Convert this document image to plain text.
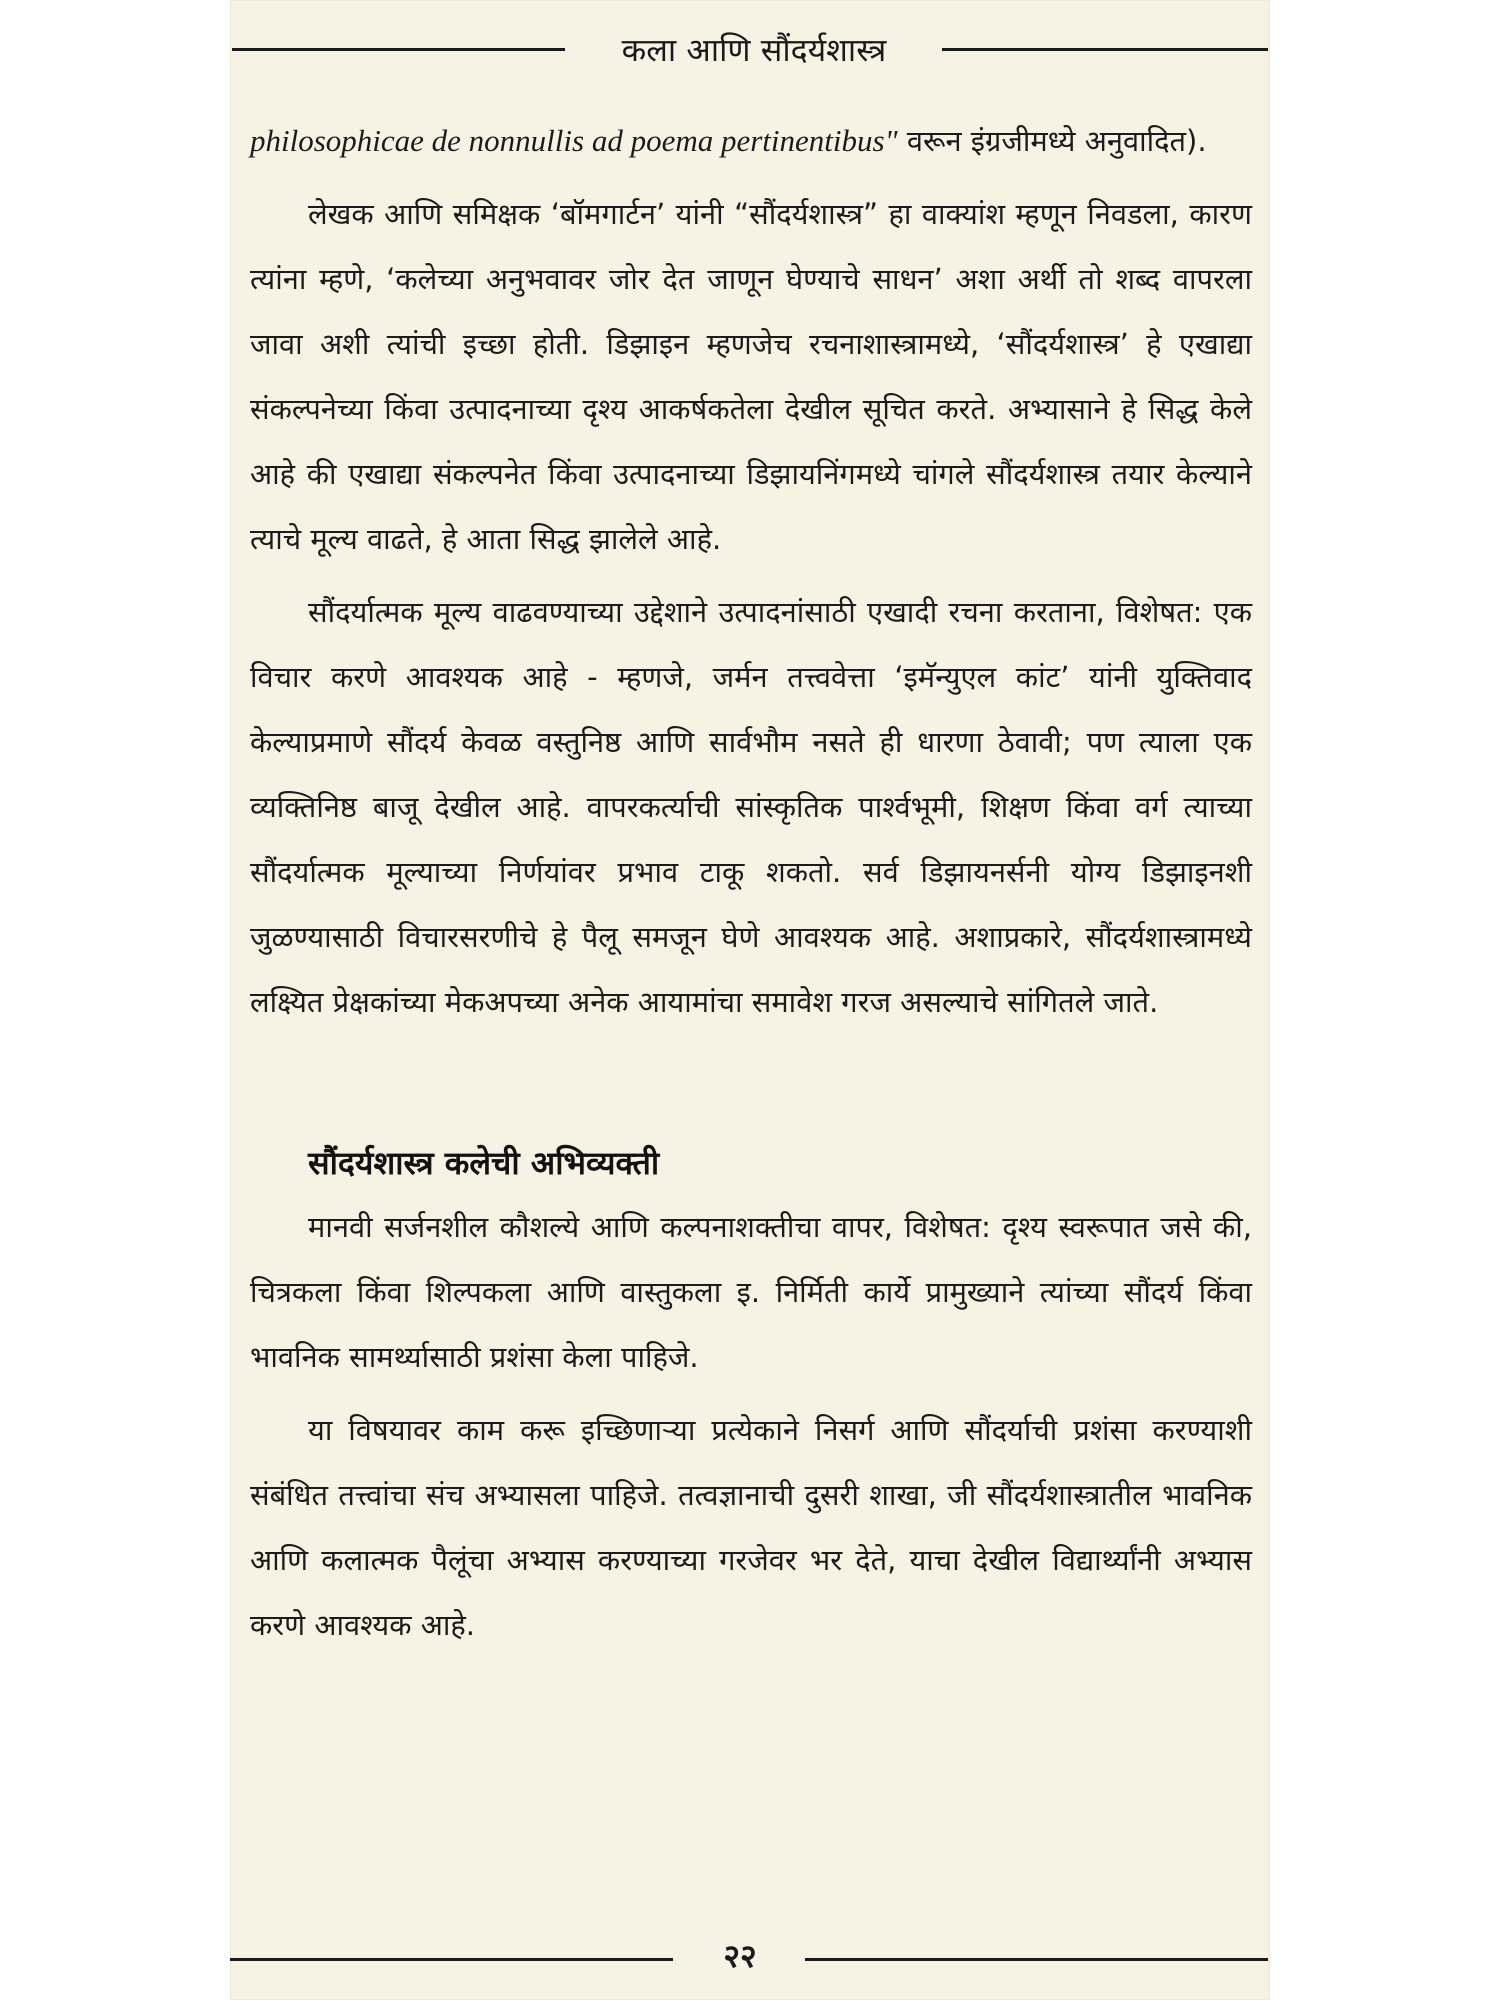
कला आणि सौंदर्यशास्त्र

philosophicae de nonnullis ad poema pertinentibus" वरून इंग्रजीमध्ये अनुवादित).

लेखक आणि समिक्षक ‘बॉमगार्टन’ यांनी “सौंदर्यशास्त्र” हा वाक्यांश म्हणून निवडला, कारण त्यांना म्हणे, ‘कलेच्या अनुभवावर जोर देत जाणून घेण्याचे साधन’ अशा अर्थी तो शब्द वापरला जावा अशी त्यांची इच्छा होती. डिझाइन म्हणजेच रचनाशास्त्रामध्ये, ‘सौंदर्यशास्त्र’ हे एखाद्या संकल्पनेच्या किंवा उत्पादनाच्या दृश्य आकर्षकतेला देखील सूचित करते. अभ्यासाने हे सिद्ध केले आहे की एखाद्या संकल्पनेत किंवा उत्पादनाच्या डिझायनिंगमध्ये चांगले सौंदर्यशास्त्र तयार केल्याने त्याचे मूल्य वाढते, हे आता सिद्ध झालेले आहे.

सौंदर्यात्मक मूल्य वाढवण्याच्या उद्देशाने उत्पादनांसाठी एखादी रचना करताना, विशेषत: एक विचार करणे आवश्यक आहे - म्हणजे, जर्मन तत्त्ववेत्ता ‘इमॅन्युएल कांट’ यांनी युक्तिवाद केल्याप्रमाणे सौंदर्य केवळ वस्तुनिष्ठ आणि सार्वभौम नसते ही धारणा ठेवावी; पण त्याला एक व्यक्तिनिष्ठ बाजू देखील आहे. वापरकर्त्याची सांस्कृतिक पार्श्वभूमी, शिक्षण किंवा वर्ग त्याच्या सौंदर्यात्मक मूल्याच्या निर्णयांवर प्रभाव टाकू शकतो. सर्व डिझायनर्सनी योग्य डिझाइनशी जुळण्यासाठी विचारसरणीचे हे पैलू समजून घेणे आवश्यक आहे. अशाप्रकारे, सौंदर्यशास्त्रामध्ये लक्ष्यित प्रेक्षकांच्या मेकअपच्या अनेक आयामांचा समावेश गरज असल्याचे सांगितले जाते.

सौंदर्यशास्त्र कलेची अभिव्यक्ती

मानवी सर्जनशील कौशल्ये आणि कल्पनाशक्तीचा वापर, विशेषत: दृश्य स्वरूपात जसे की, चित्रकला किंवा शिल्पकला आणि वास्तुकला इ. निर्मिती कार्ये प्रामुख्याने त्यांच्या सौंदर्य किंवा भावनिक सामर्थ्यासाठी प्रशंसा केला पाहिजे.

या विषयावर काम करू इच्छिणाऱ्या प्रत्येकाने निसर्ग आणि सौंदर्याची प्रशंसा करण्याशी संबंधित तत्त्वांचा संच अभ्यासला पाहिजे. तत्वज्ञानाची दुसरी शाखा, जी सौंदर्यशास्त्रातील भावनिक आणि कलात्मक पैलूंचा अभ्यास करण्याच्या गरजेवर भर देते, याचा देखील विद्यार्थ्यांनी अभ्यास करणे आवश्यक आहे.

२२
